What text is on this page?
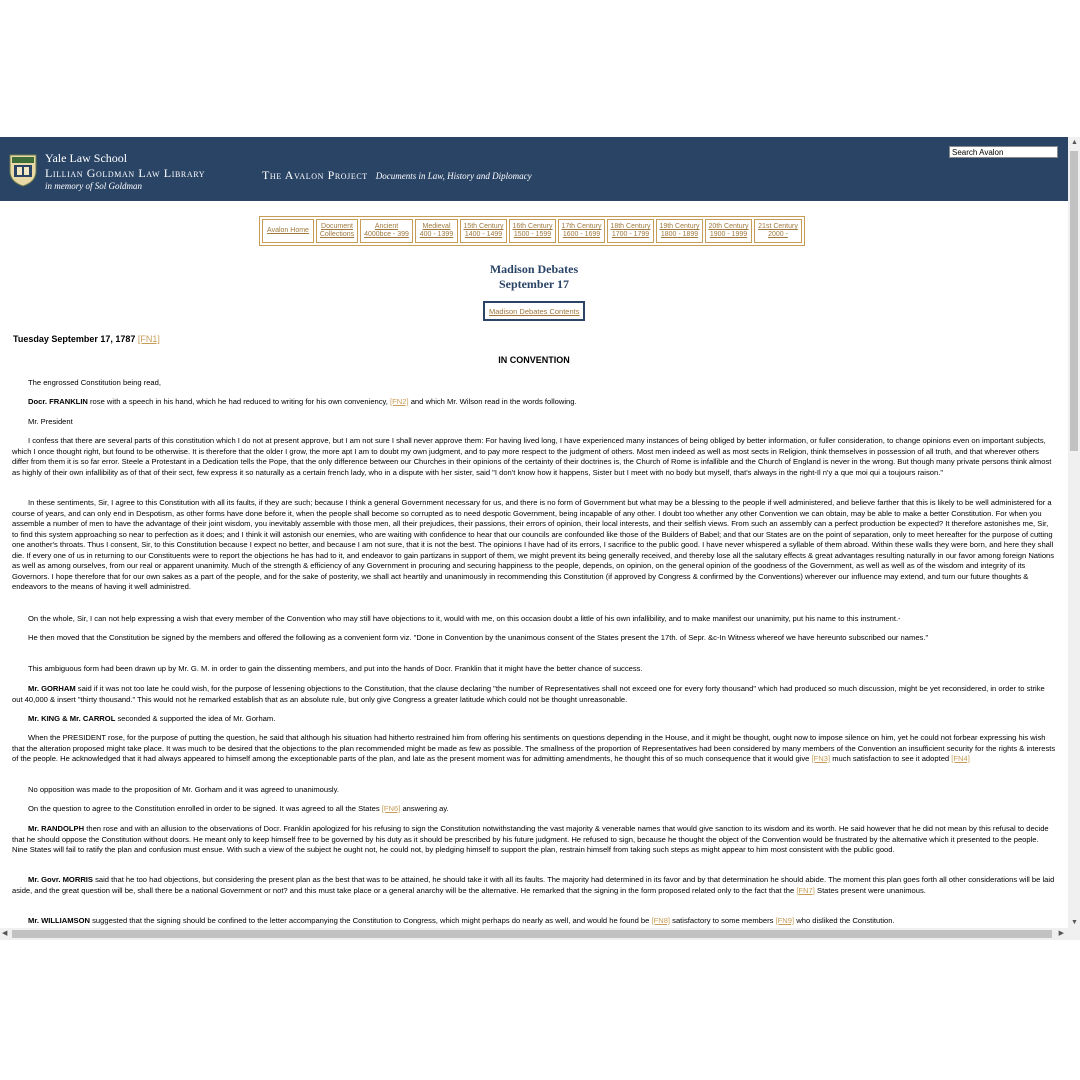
Yale Law School
Lillian Goldman Law Library
in memory of Sol Goldman
The Avalon Project Documents in Law, History and Diplomacy
Search Avalon
▲
▼
◀	▶
Avalon Home
Document
Collections
Ancient
4000bce - 399
Medieval
400 - 1399
15th Century
1400 - 1499
16th Century
1500 - 1599
17th Century
1600 - 1699
18th Century
1700 - 1799
19th Century
1800 - 1899
20th Century
1900 - 1999
21st Century
2000 -
Madison Debates
September 17
Madison Debates Contents
Tuesday September 17, 1787 [FN1]
IN CONVENTION

The engrossed Constitution being read,

Docr. FRANKLIN rose with a speech in his hand, which he had reduced to writing for his own conveniency, [FN2] and which Mr. Wilson read in the words following.

Mr. President

I confess that there are several parts of this constitution which I do not at present approve, but I am not sure I shall never approve them: For having lived long, I have experienced many instances of being obliged by better information, or fuller consideration, to change opinions even on important subjects, which I once thought right, but found to be otherwise. It is therefore that the older I grow, the more apt I am to doubt my own judgment, and to pay more respect to the judgment of others. Most men indeed as well as most sects in Religion, think themselves in possession of all truth, and that wherever others differ from them it is so far error. Steele a Protestant in a Dedication tells the Pope, that the only difference between our Churches in their opinions of the certainty of their doctrines is, the Church of Rome is infallible and the Church of England is never in the wrong. But though many private persons think almost as highly of their own infallibility as of that of their sect, few express it so naturally as a certain french lady, who in a dispute with her sister, said "I don't know how it happens, Sister but I meet with no body but myself, that's always in the right-Il n'y a que moi qui a toujours raison."

In these sentiments, Sir, I agree to this Constitution with all its faults, if they are such; because I think a general Government necessary for us, and there is no form of Government but what may be a blessing to the people if well administered, and believe farther that this is likely to be well administered for a course of years, and can only end in Despotism, as other forms have done before it, when the people shall become so corrupted as to need despotic Government, being incapable of any other. I doubt too whether any other Convention we can obtain, may be able to make a better Constitution. For when you assemble a number of men to have the advantage of their joint wisdom, you inevitably assemble with those men, all their prejudices, their passions, their errors of opinion, their local interests, and their selfish views. From such an assembly can a perfect production be expected? It therefore astonishes me, Sir, to find this system approaching so near to perfection as it does; and I think it will astonish our enemies, who are waiting with confidence to hear that our councils are confounded like those of the Builders of Babel; and that our States are on the point of separation, only to meet hereafter for the purpose of cutting one another's throats. Thus I consent, Sir, to this Constitution because I expect no better, and because I am not sure, that it is not the best. The opinions I have had of its errors, I sacrifice to the public good. I have never whispered a syllable of them abroad. Within these walls they were born, and here they shall die. If every one of us in returning to our Constituents were to report the objections he has had to it, and endeavor to gain partizans in support of them, we might prevent its being generally received, and thereby lose all the salutary effects & great advantages resulting naturally in our favor among foreign Nations as well as among ourselves, from our real or apparent unanimity. Much of the strength & efficiency of any Government in procuring and securing happiness to the people, depends, on opinion, on the general opinion of the goodness of the Government, as well as well as of the wisdom and integrity of its Governors. I hope therefore that for our own sakes as a part of the people, and for the sake of posterity, we shall act heartily and unanimously in recommending this Constitution (if approved by Congress & confirmed by the Conventions) wherever our influence may extend, and turn our future thoughts & endeavors to the means of having it well administred.

On the whole, Sir, I can not help expressing a wish that every member of the Convention who may still have objections to it, would with me, on this occasion doubt a little of his own infallibility, and to make manifest our unanimity, put his name to this instrument.-

He then moved that the Constitution be signed by the members and offered the following as a convenient form viz. "Done in Convention by the unanimous consent of the States present the 17th. of Sepr. &c-In Witness whereof we have hereunto subscribed our names."

This ambiguous form had been drawn up by Mr. G. M. in order to gain the dissenting members, and put into the hands of Docr. Franklin that it might have the better chance of success.

Mr. GORHAM said if it was not too late he could wish, for the purpose of lessening objections to the Constitution, that the clause declaring "the number of Representatives shall not exceed one for every forty thousand" which had produced so much discussion, might be yet reconsidered, in order to strike out 40,000 & insert "thirty thousand." This would not he remarked establish that as an absolute rule, but only give Congress a greater latitude which could not be thought unreasonable.

Mr. KING & Mr. CARROL seconded & supported the idea of Mr. Gorham.

When the PRESIDENT rose, for the purpose of putting the question, he said that although his situation had hitherto restrained him from offering his sentiments on questions depending in the House, and it might be thought, ought now to impose silence on him, yet he could not forbear expressing his wish that the alteration proposed might take place. It was much to be desired that the objections to the plan recommended might be made as few as possible. The smallness of the proportion of Representatives had been considered by many members of the Convention an insufficient security for the rights & interests of the people. He acknowledged that it had always appeared to himself among the exceptionable parts of the plan, and late as the present moment was for admitting amendments, he thought this of so much consequence that it would give [FN3] much satisfaction to see it adopted [FN4]

No opposition was made to the proposition of Mr. Gorham and it was agreed to unanimously.

On the question to agree to the Constitution enrolled in order to be signed. It was agreed to all the States [FN6] answering ay.

Mr. RANDOLPH then rose and with an allusion to the observations of Docr. Franklin apologized for his refusing to sign the Constitution notwithstanding the vast majority & venerable names that would give sanction to its wisdom and its worth. He said however that he did not mean by this refusal to decide that he should oppose the Constitution without doors. He meant only to keep himself free to be governed by his duty as it should be prescribed by his future judgment. He refused to sign, because he thought the object of the Convention would be frustrated by the alternative which it presented to the people. Nine States will fail to ratify the plan and confusion must ensue. With such a view of the subject he ought not, he could not, by pledging himself to support the plan, restrain himself from taking such steps as might appear to him most consistent with the public good.

Mr. Govr. MORRIS said that he too had objections, but considering the present plan as the best that was to be attained, he should take it with all its faults. The majority had determined in its favor and by that determination he should abide. The moment this plan goes forth all other considerations will be laid aside, and the great question will be, shall there be a national Government or not? and this must take place or a general anarchy will be the alternative. He remarked that the signing in the form proposed related only to the fact that the [FN7] States present were unanimous.

Mr. WILLIAMSON suggested that the signing should be confined to the letter accompanying the Constitution to Congress, which might perhaps do nearly as well, and would he found be [FN8] satisfactory to some members [FN9] who disliked the Constitution.
